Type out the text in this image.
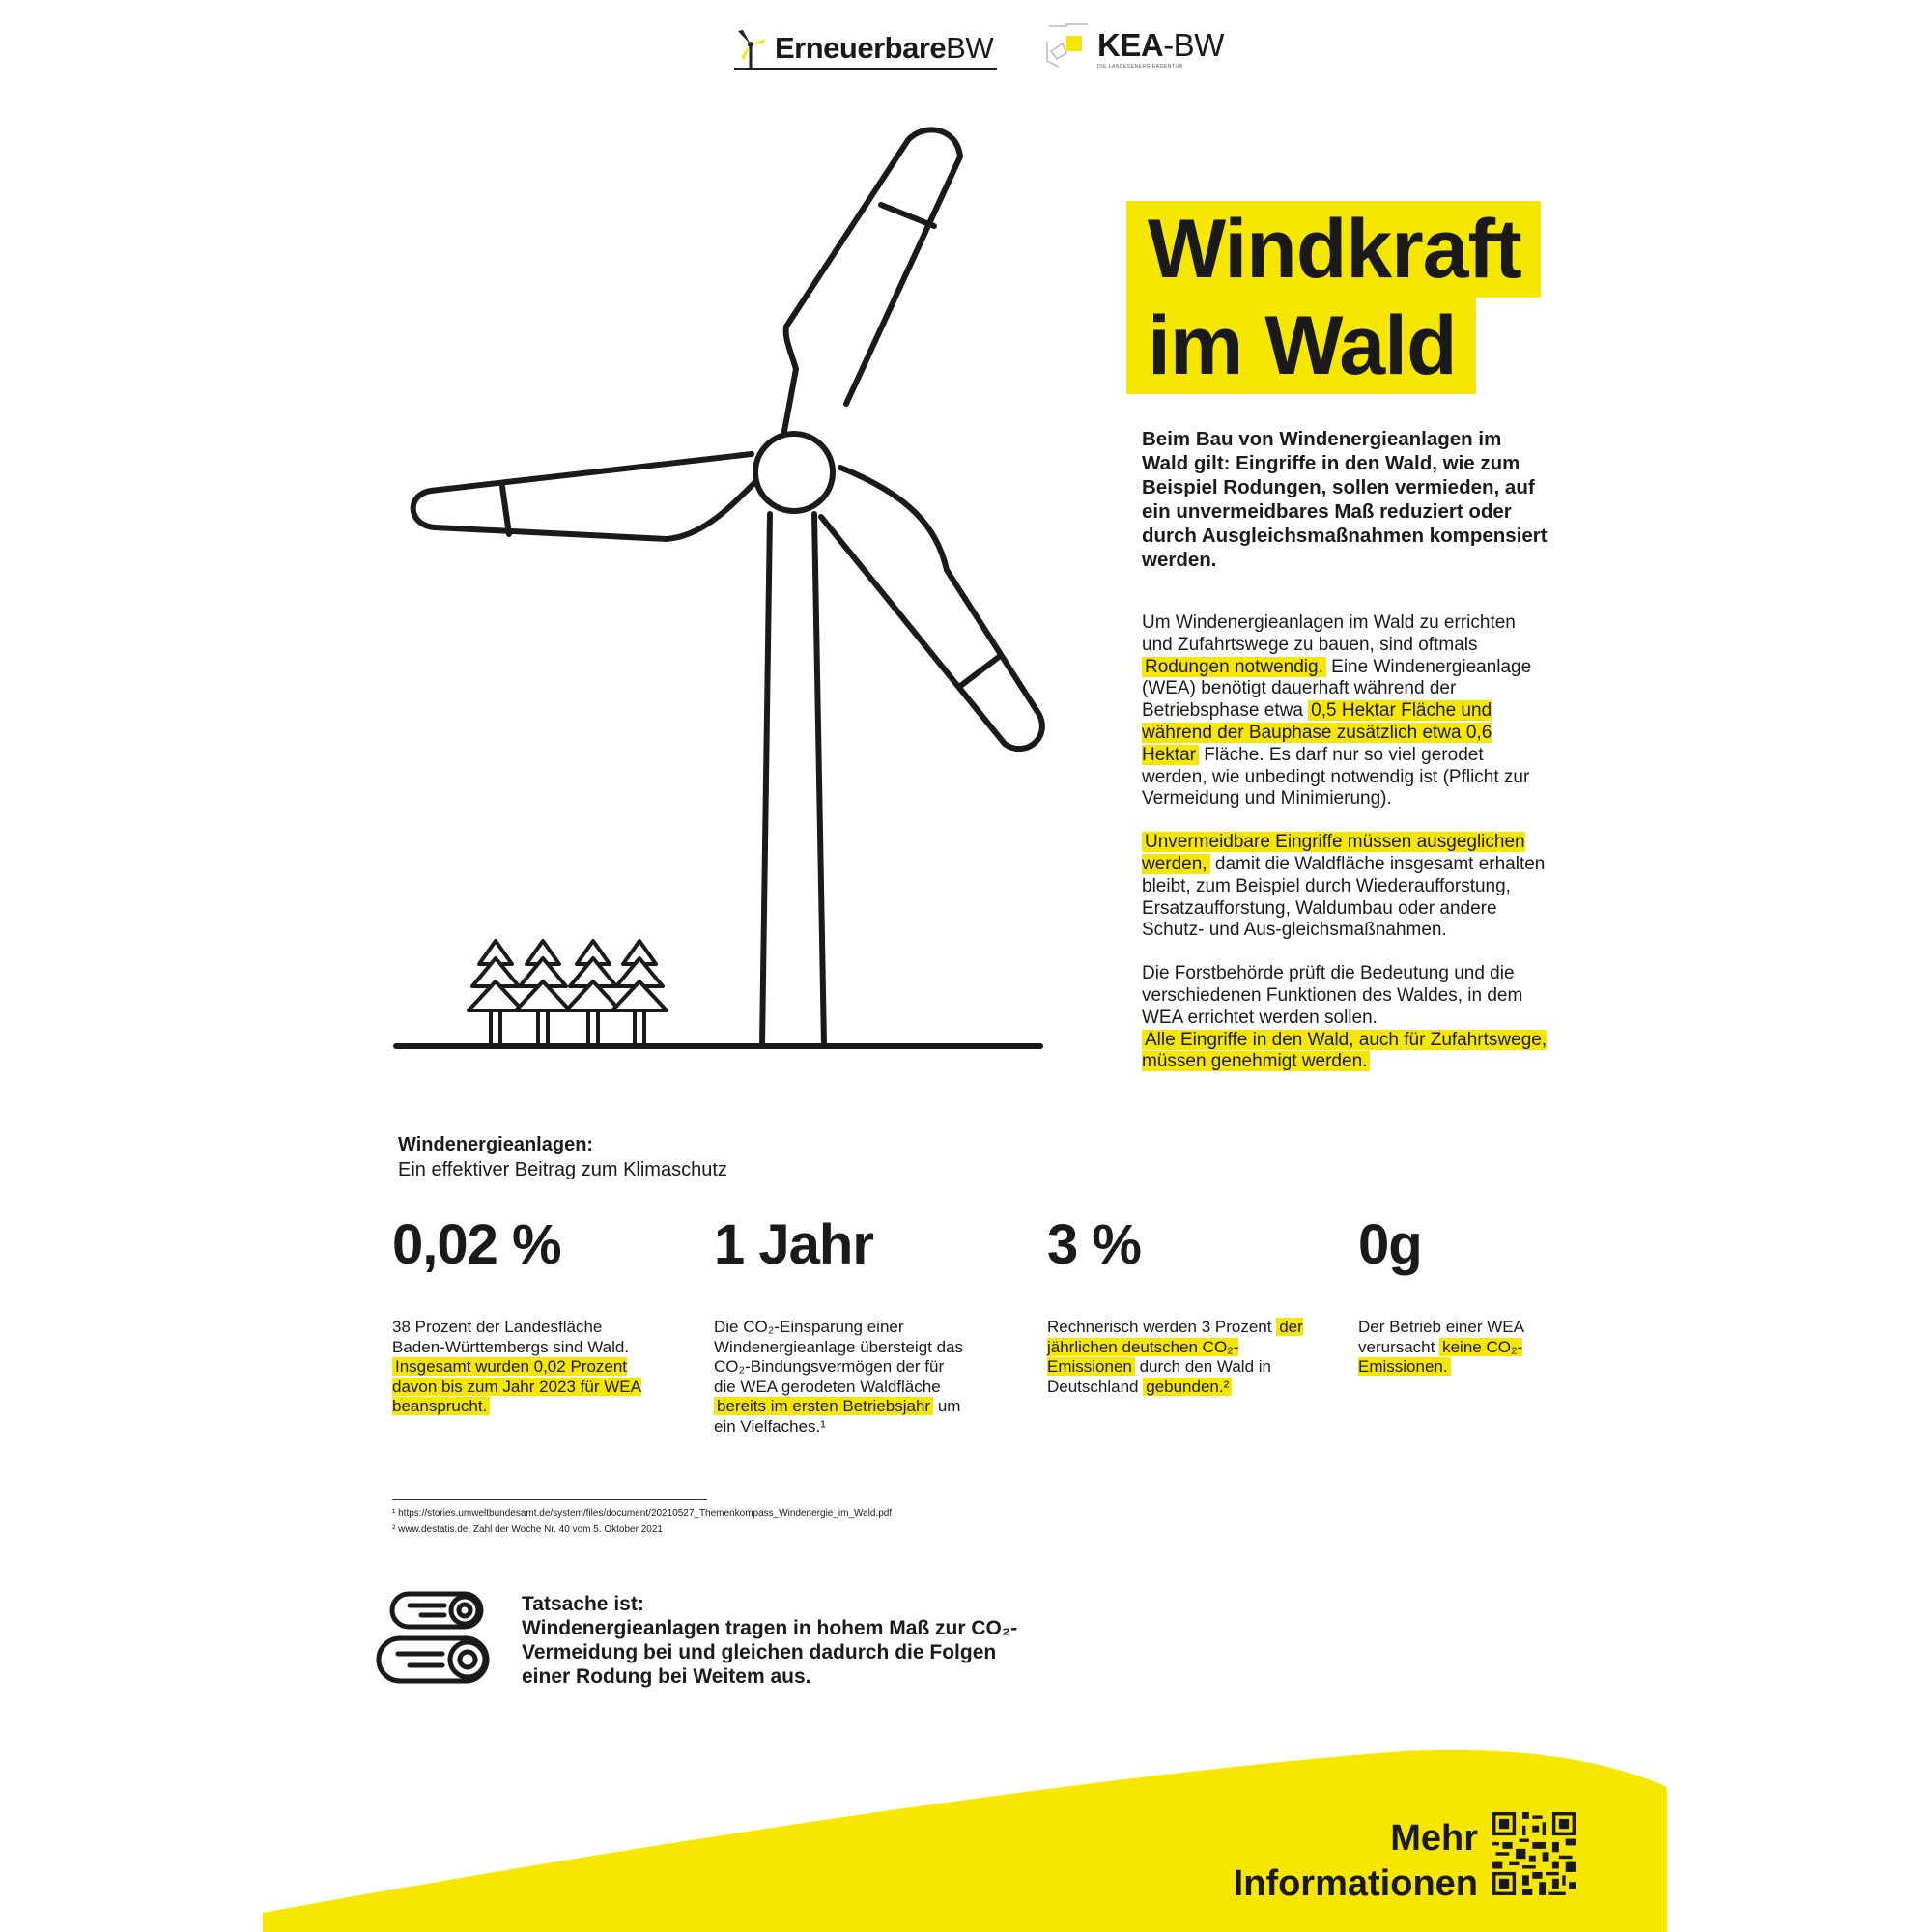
ErneuerbareBW	KEA-BW
DIE LANDESENERGIEAGENTUR
Windkraft
im Wald
Beim Bau von Windenergieanlagen im Wald gilt: Eingriffe in den Wald, wie zum Beispiel Rodungen, sollen vermieden, auf ein unvermeidbares Maß reduziert oder durch Ausgleichsmaßnahmen kompensiert werden.

Um Windenergieanlagen im Wald zu errichten und Zufahrtswege zu bauen, sind oftmals Rodungen notwendig. Eine Windenergieanlage (WEA) benötigt dauerhaft während der Betriebsphase etwa 0,5 Hektar Fläche und während der Bauphase zusätzlich etwa 0,6 Hektar Fläche. Es darf nur so viel gerodet werden, wie unbedingt notwendig ist (Pflicht zur Vermeidung und Minimierung).

Unvermeidbare Eingriffe müssen ausgeglichen werden, damit die Waldfläche insgesamt erhalten bleibt, zum Beispiel durch Wiederaufforstung, Ersatzaufforstung, Waldumbau oder andere Schutz- und Aus-gleichsmaßnahmen.

Die Forstbehörde prüft die Bedeutung und die verschiedenen Funktionen des Waldes, in dem WEA errichtet werden sollen.
Alle Eingriffe in den Wald, auch für Zufahrtswege, müssen genehmigt werden.

Windenergieanlagen:
Ein effektiver Beitrag zum Klimaschutz
0,02 %
38 Prozent der Landesfläche Baden-Württembergs sind Wald. Insgesamt wurden 0,02 Prozent davon bis zum Jahr 2023 für WEA beansprucht.
1 Jahr
Die CO₂-Einsparung einer Windenergieanlage übersteigt das CO₂-Bindungsvermögen der für die WEA gerodeten Waldfläche bereits im ersten Betriebsjahr um ein Vielfaches.¹
3 %
Rechnerisch werden 3 Prozent der jährlichen deutschen CO₂-Emissionen durch den Wald in Deutschland gebunden.²
0g
Der Betrieb einer WEA verursacht keine CO₂-Emissionen.
¹ https://stories.umweltbundesamt.de/system/files/document/20210527_Themenkompass_Windenergie_im_Wald.pdf
² www.destatis.de, Zahl der Woche Nr. 40 vom 5. Oktober 2021
Tatsache ist:
Windenergieanlagen tragen in hohem Maß zur CO₂-Vermeidung bei und gleichen dadurch die Folgen einer Rodung bei Weitem aus.
Mehr
Informationen
